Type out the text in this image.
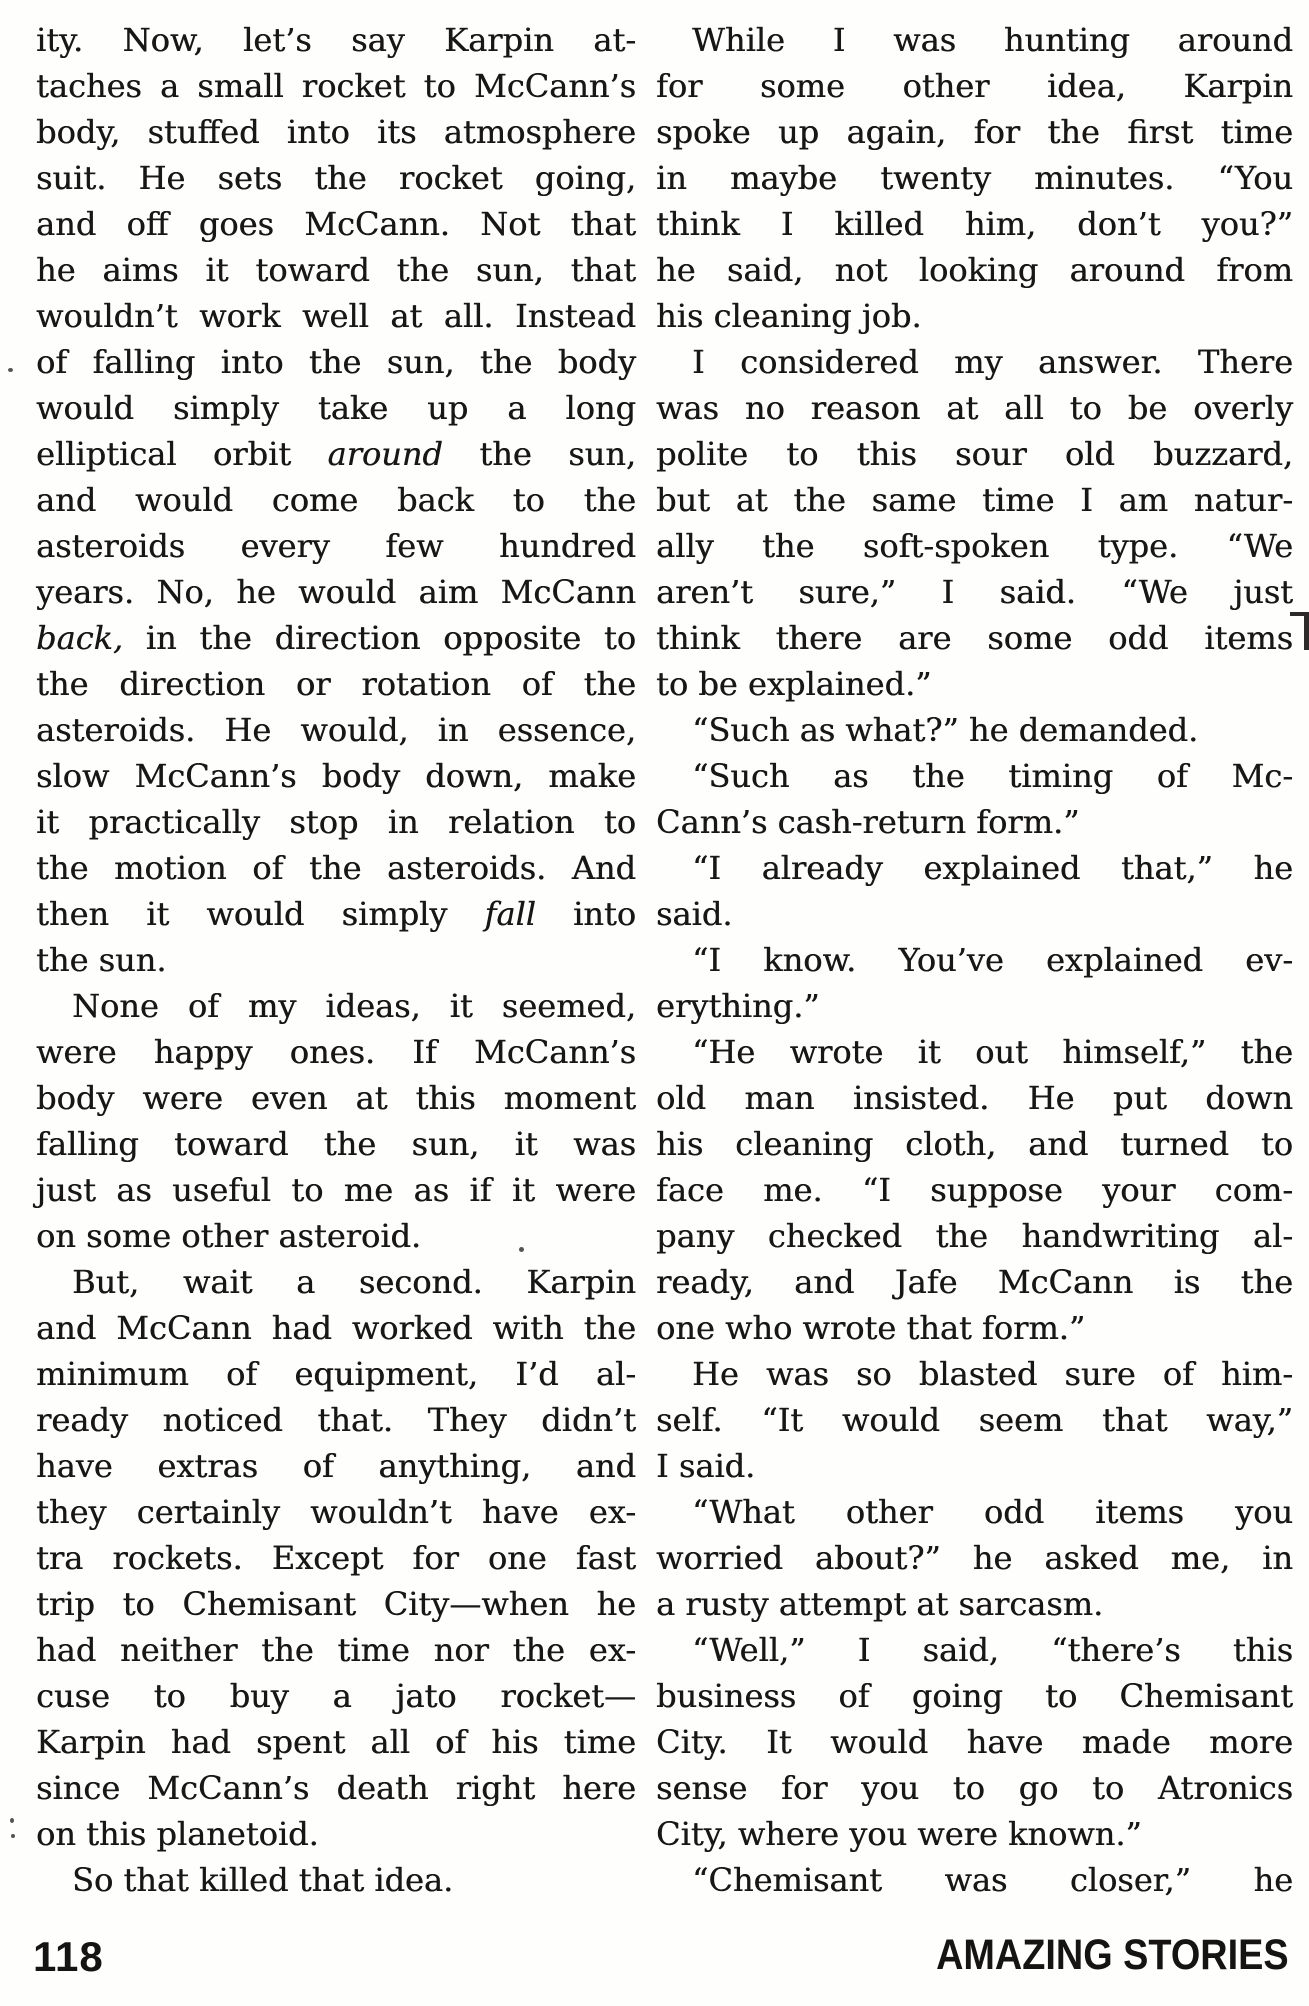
ity. Now, let’s say Karpin at-
taches a small rocket to McCann’s
body, stuffed into its atmosphere
suit. He sets the rocket going,
and off goes McCann. Not that
he aims it toward the sun, that
wouldn’t work well at all. Instead
of falling into the sun, the body
would simply take up a long
elliptical orbit around the sun,
and would come back to the
asteroids every few hundred
years. No, he would aim McCann
back, in the direction opposite to
the direction or rotation of the
asteroids. He would, in essence,
slow McCann’s body down, make
it practically stop in relation to
the motion of the asteroids. And
then it would simply fall into
the sun.
None of my ideas, it seemed,
were happy ones. If McCann’s
body were even at this moment
falling toward the sun, it was
just as useful to me as if it were
on some other asteroid.
But, wait a second. Karpin
and McCann had worked with the
minimum of equipment, I’d al-
ready noticed that. They didn’t
have extras of anything, and
they certainly wouldn’t have ex-
tra rockets. Except for one fast
trip to Chemisant City—when he
had neither the time nor the ex-
cuse to buy a jato rocket—
Karpin had spent all of his time
since McCann’s death right here
on this planetoid.
So that killed that idea.
While I was hunting around
for some other idea, Karpin
spoke up again, for the first time
in maybe twenty minutes. “You
think I killed him, don’t you?”
he said, not looking around from
his cleaning job.
I considered my answer. There
was no reason at all to be overly
polite to this sour old buzzard,
but at the same time I am natur-
ally the soft-spoken type. “We
aren’t sure,” I said. “We just
think there are some odd items
to be explained.”
“Such as what?” he demanded.
“Such as the timing of Mc-
Cann’s cash-return form.”
“I already explained that,” he
said.
“I know. You’ve explained ev-
erything.”
“He wrote it out himself,” the
old man insisted. He put down
his cleaning cloth, and turned to
face me. “I suppose your com-
pany checked the handwriting al-
ready, and Jafe McCann is the
one who wrote that form.”
He was so blasted sure of him-
self. “It would seem that way,”
I said.
“What other odd items you
worried about?” he asked me, in
a rusty attempt at sarcasm.
“Well,” I said, “there’s this
business of going to Chemisant
City. It would have made more
sense for you to go to Atronics
City, where you were known.”
“Chemisant was closer,” he
118	AMAZING STORIES
